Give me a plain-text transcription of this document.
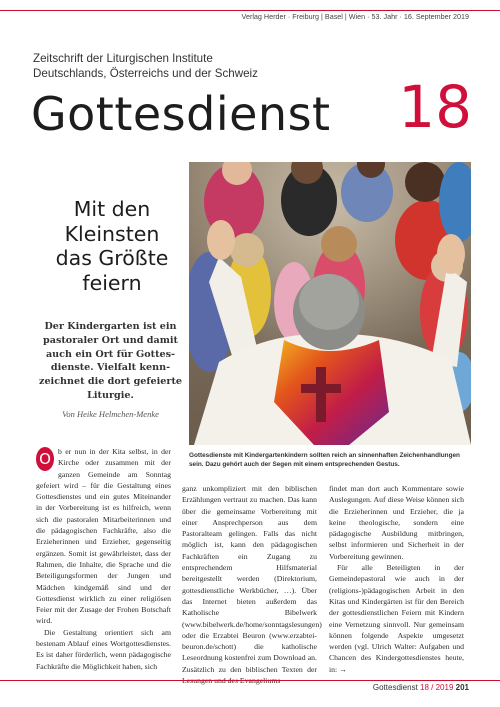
Verlag Herder · Freiburg | Basel | Wien · 53. Jahr · 16. September 2019
Zeitschrift der Liturgischen Institute
Deutschlands, Österreichs und der Schweiz
Gottesdienst 18
Mit den Kleinsten das Größte feiern
Der Kindergarten ist ein pastoraler Ort und damit auch ein Ort für Gottesdienste. Vielfalt kennzeichnet die dort gefeierte Liturgie.
Von Heike Helmchen-Menke
Gottesdienste mit Kindergartenkindern sollten reich an sinnenhaften Zeichenhandlungen sein. Dazu gehört auch der Segen mit einem entsprechenden Gestus.

O b er nun in der Kita selbst, in der Kirche oder zusammen mit der ganzen Gemeinde am Sonntag gefeiert wird – für die Gestaltung eines Gottesdienstes und ein gutes Miteinander in der Vorbereitung ist es hilfreich, wenn sich die pastoralen Mitarbeiterinnen und die pädagogischen Fachkräfte, also die Erzieherinnen und Erzieher, gegenseitig ergänzen. Somit ist gewährleistet, dass der Rahmen, die Inhalte, die Sprache und die Beteiligungsformen der Jungen und Mädchen kindgemäß sind und der Gottesdienst wirklich zu einer religiösen Feier mit der Zusage der Frohen Botschaft wird.

Die Gestaltung orientiert sich am bestenam Ablauf eines Wortgottesdienstes. Es ist daher förderlich, wenn pädagogische Fachkräfte die Möglichkeit haben, sich

ganz unkompliziert mit den biblischen Erzählungen vertraut zu machen. Das kann über die gemeinsame Vorbereitung mit einer Ansprechperson aus dem Pastoralteam gelingen. Falls das nicht möglich ist, kann den pädagogischen Fachkräften ein Zugang zu entsprechendem Hilfsmaterial bereitgestellt werden (Direktorium, gottesdienstliche Werkbücher, …). Über das Internet bieten außerdem das Katholische Bibelwerk (www.bibelwerk.de/home/sonntagslesungen) oder die Erzabtei Beuron (www.erzabtei-beuron.de/schott) die katholische Leseordnung kostenfrei zum Download an. Zusätzlich zu den biblischen Texten der

findet man dort auch Kommentare sowie Auslegungen. Auf diese Weise können sich die Erzieherinnen und Erzieher, die ja keine theologische, sondern eine pädagogische Ausbildung mitbringen, selbst informieren und Sicherheit in der Vorbereitung gewinnen.

Für alle Beteiligten in der Gemeindepastoral wie auch in der (religions-)pädagogischen Arbeit in den Kitas und Kindergärten ist für den Bereich der gottesdienstlichen Feiern mit Kindern eine Vernetzung sinnvoll. Nur gemeinsam können folgende Aspekte umgesetzt werden (vgl. Ulrich Walter: Aufgaben und Chancen des Kindergottesdienstes heute, in: →

Gottesdienst 18 / 2019 201
